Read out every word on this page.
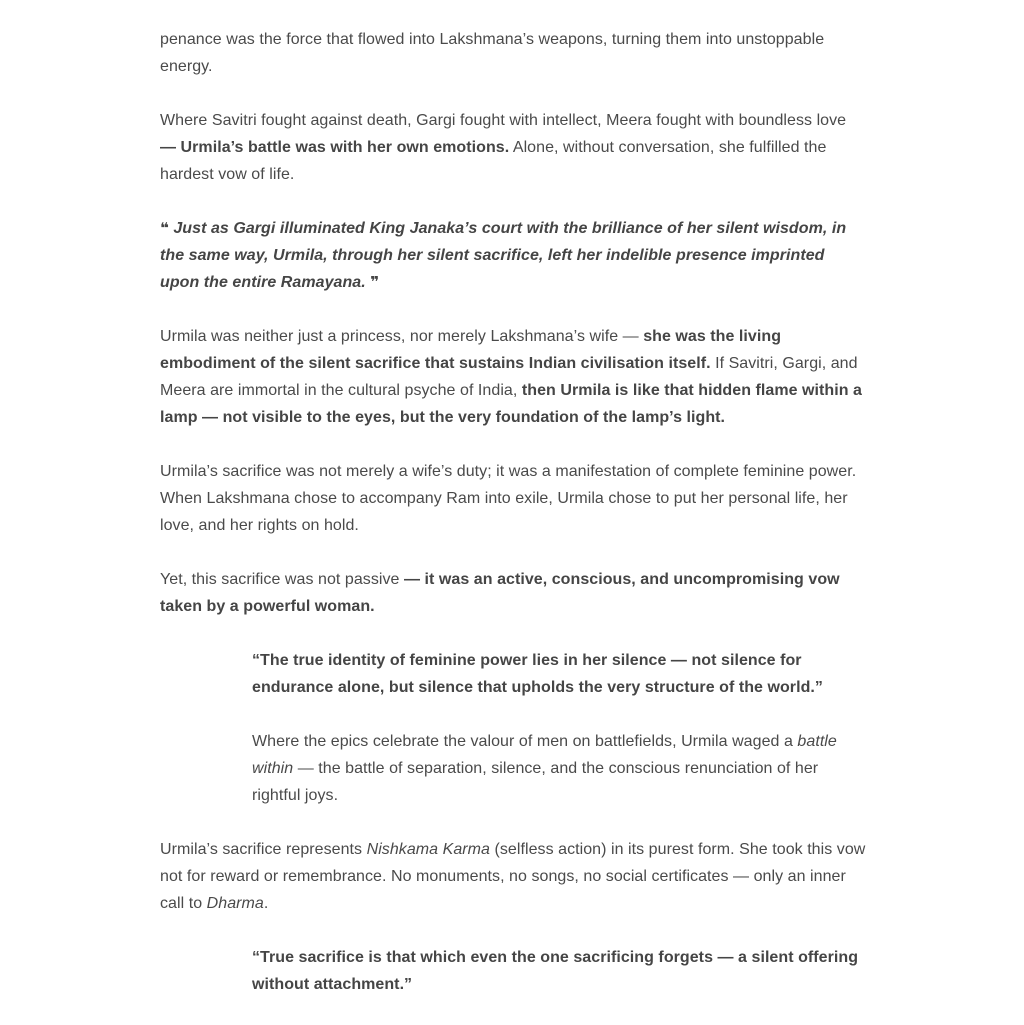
penance was the force that flowed into Lakshmana’s weapons, turning them into unstoppable energy.

Where Savitri fought against death, Gargi fought with intellect, Meera fought with boundless love — Urmila’s battle was with her own emotions. Alone, without conversation, she fulfilled the hardest vow of life.

❝ Just as Gargi illuminated King Janaka’s court with the brilliance of her silent wisdom, in the same way, Urmila, through her silent sacrifice, left her indelible presence imprinted upon the entire Ramayana. ❞

Urmila was neither just a princess, nor merely Lakshmana’s wife — she was the living embodiment of the silent sacrifice that sustains Indian civilisation itself. If Savitri, Gargi, and Meera are immortal in the cultural psyche of India, then Urmila is like that hidden flame within a lamp — not visible to the eyes, but the very foundation of the lamp’s light.

Urmila’s sacrifice was not merely a wife’s duty; it was a manifestation of complete feminine power. When Lakshmana chose to accompany Ram into exile, Urmila chose to put her personal life, her love, and her rights on hold.

Yet, this sacrifice was not passive — it was an active, conscious, and uncompromising vow taken by a powerful woman.

“The true identity of feminine power lies in her silence — not silence for endurance alone, but silence that upholds the very structure of the world.”

Where the epics celebrate the valour of men on battlefields, Urmila waged a battle within — the battle of separation, silence, and the conscious renunciation of her rightful joys.

Urmila’s sacrifice represents Nishkama Karma (selfless action) in its purest form. She took this vow not for reward or remembrance. No monuments, no songs, no social certificates — only an inner call to Dharma.

“True sacrifice is that which even the one sacrificing forgets — a silent offering without attachment.”
